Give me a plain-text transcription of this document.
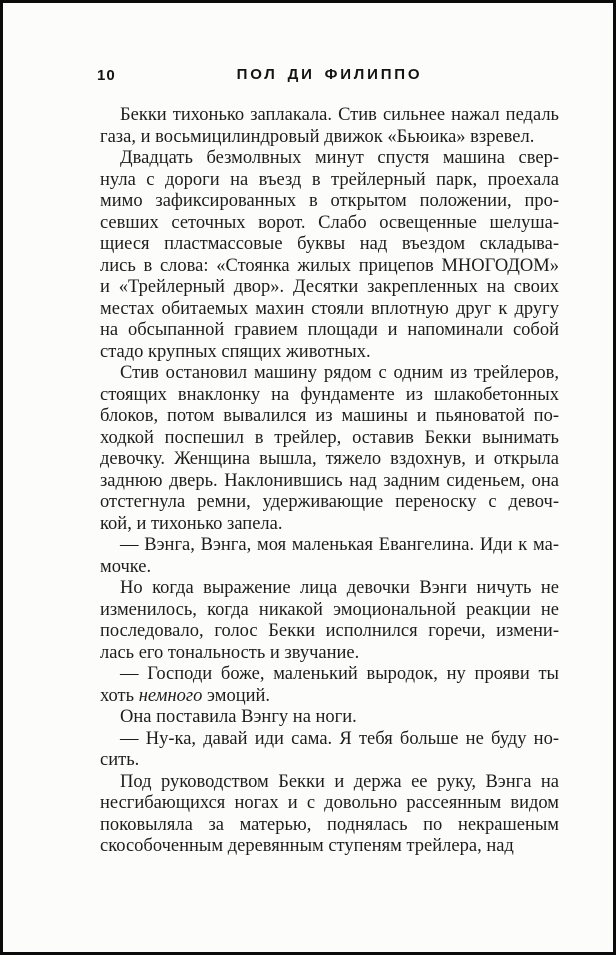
10	ПОЛ ДИ ФИЛИППО
Бекки тихонько заплакала. Стив сильнее нажал педаль
газа, и восьмицилиндровый движок «Бьюика» взревел.
Двадцать безмолвных минут спустя машина свер-
нула с дороги на въезд в трейлерный парк, проехала
мимо зафиксированных в открытом положении, про-
севших сеточных ворот. Слабо освещенные шелуша-
щиеся пластмассовые буквы над въездом складыва-
лись в слова: «Стоянка жилых прицепов МНОГОДОМ»
и «Трейлерный двор». Десятки закрепленных на своих
местах обитаемых махин стояли вплотную друг к другу
на обсыпанной гравием площади и напоминали собой
стадо крупных спящих животных.
Стив остановил машину рядом с одним из трейлеров,
стоящих внаклонку на фундаменте из шлакобетонных
блоков, потом вывалился из машины и пьяноватой по-
ходкой поспешил в трейлер, оставив Бекки вынимать
девочку. Женщина вышла, тяжело вздохнув, и открыла
заднюю дверь. Наклонившись над задним сиденьем, она
отстегнула ремни, удерживающие переноску с девоч-
кой, и тихонько запела.
— Вэнга, Вэнга, моя маленькая Евангелина. Иди к ма-
мочке.
Но когда выражение лица девочки Вэнги ничуть не
изменилось, когда никакой эмоциональной реакции не
последовало, голос Бекки исполнился горечи, измени-
лась его тональность и звучание.
— Господи боже, маленький выродок, ну прояви ты
хоть немного эмоций.
Она поставила Вэнгу на ноги.
— Ну-ка, давай иди сама. Я тебя больше не буду но-
сить.
Под руководством Бекки и держа ее руку, Вэнга на
несгибающихся ногах и с довольно рассеянным видом
поковыляла за матерью, поднялась по некрашеным
скособоченным деревянным ступеням трейлера, над
